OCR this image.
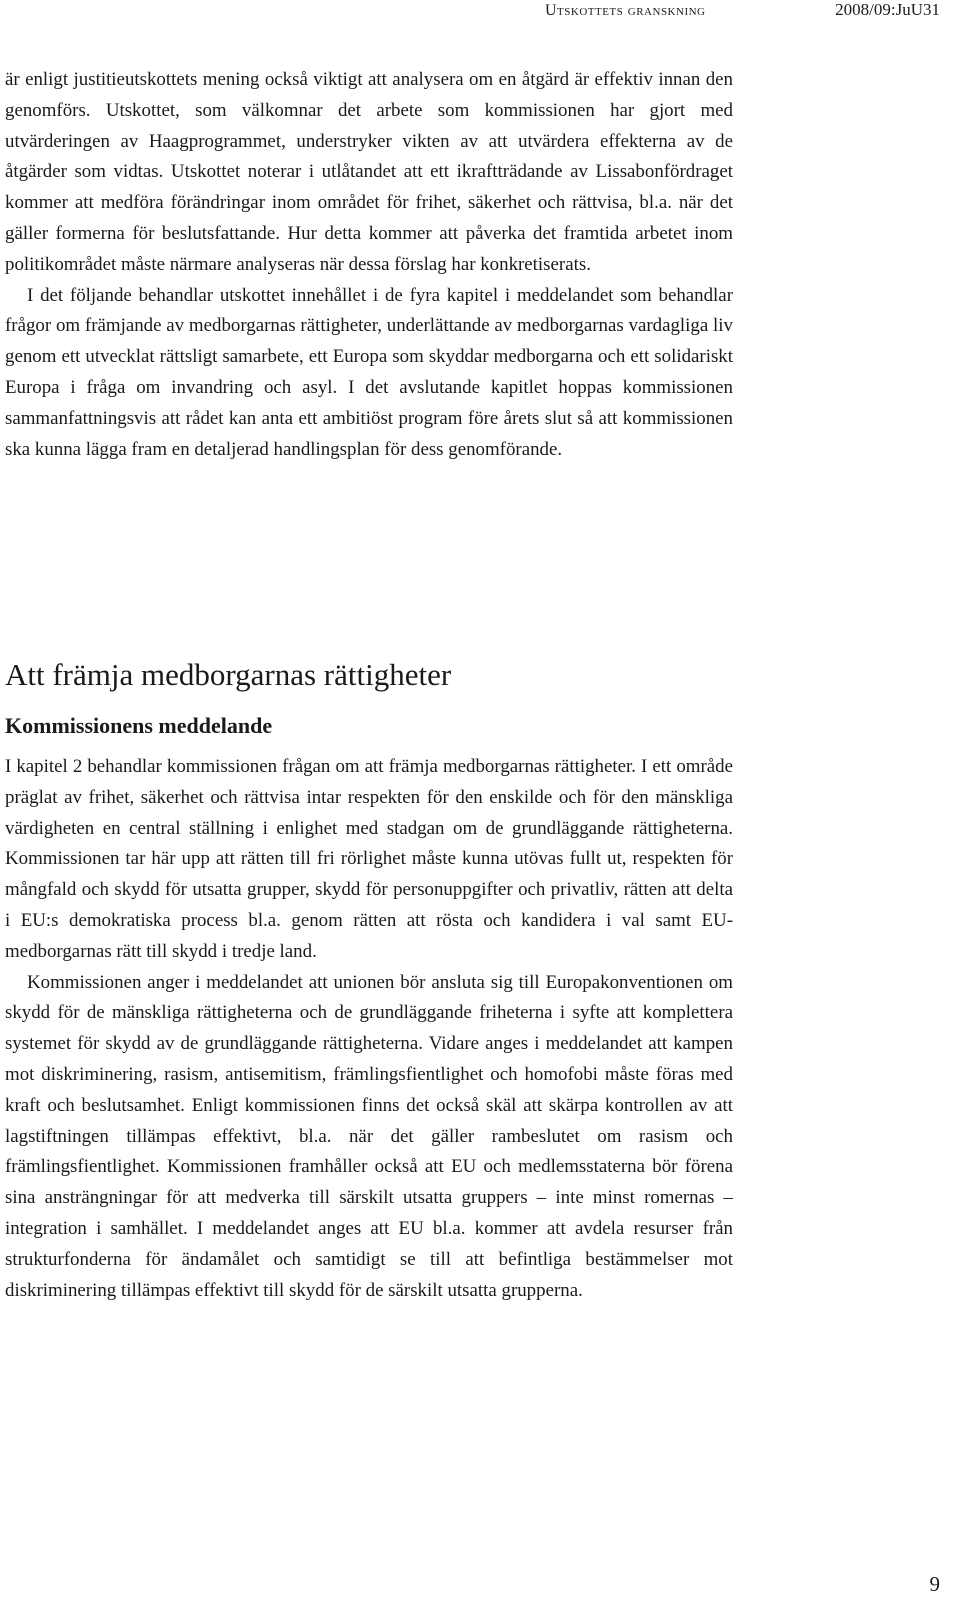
Utskottets granskning	2008/09:JuU31

är enligt justitieutskottets mening också viktigt att analysera om en åtgärd är effektiv innan den genomförs. Utskottet, som välkomnar det arbete som kommissionen har gjort med utvärderingen av Haagprogrammet, understryker vikten av att utvärdera effekterna av de åtgärder som vidtas. Utskottet noterar i utlåtandet att ett ikraftträdande av Lissabonfördraget kommer att medföra förändringar inom området för frihet, säkerhet och rättvisa, bl.a. när det gäller formerna för beslutsfattande. Hur detta kommer att påverka det framtida arbetet inom politikområdet måste närmare analyseras när dessa förslag har konkretiserats.

I det följande behandlar utskottet innehållet i de fyra kapitel i meddelandet som behandlar frågor om främjande av medborgarnas rättigheter, underlättande av medborgarnas vardagliga liv genom ett utvecklat rättsligt samarbete, ett Europa som skyddar medborgarna och ett solidariskt Europa i fråga om invandring och asyl. I det avslutande kapitlet hoppas kommissionen sammanfattningsvis att rådet kan anta ett ambitiöst program före årets slut så att kommissionen ska kunna lägga fram en detaljerad handlingsplan för dess genomförande.

Att främja medborgarnas rättigheter
Kommissionens meddelande

I kapitel 2 behandlar kommissionen frågan om att främja medborgarnas rättigheter. I ett område präglat av frihet, säkerhet och rättvisa intar respekten för den enskilde och för den mänskliga värdigheten en central ställning i enlighet med stadgan om de grundläggande rättigheterna. Kommissionen tar här upp att rätten till fri rörlighet måste kunna utövas fullt ut, respekten för mångfald och skydd för utsatta grupper, skydd för personuppgifter och privatliv, rätten att delta i EU:s demokratiska process bl.a. genom rätten att rösta och kandidera i val samt EU-medborgarnas rätt till skydd i tredje land.

Kommissionen anger i meddelandet att unionen bör ansluta sig till Europakonventionen om skydd för de mänskliga rättigheterna och de grundläggande friheterna i syfte att komplettera systemet för skydd av de grundläggande rättigheterna. Vidare anges i meddelandet att kampen mot diskriminering, rasism, antisemitism, främlingsfientlighet och homofobi måste föras med kraft och beslutsamhet. Enligt kommissionen finns det också skäl att skärpa kontrollen av att lagstiftningen tillämpas effektivt, bl.a. när det gäller rambeslutet om rasism och främlingsfientlighet. Kommissionen framhåller också att EU och medlemsstaterna bör förena sina ansträngningar för att medverka till särskilt utsatta gruppers – inte minst romernas – integration i samhället. I meddelandet anges att EU bl.a. kommer att avdela resurser från strukturfonderna för ändamålet och samtidigt se till att befintliga bestämmelser mot diskriminering tillämpas effektivt till skydd för de särskilt utsatta grupperna.

9
